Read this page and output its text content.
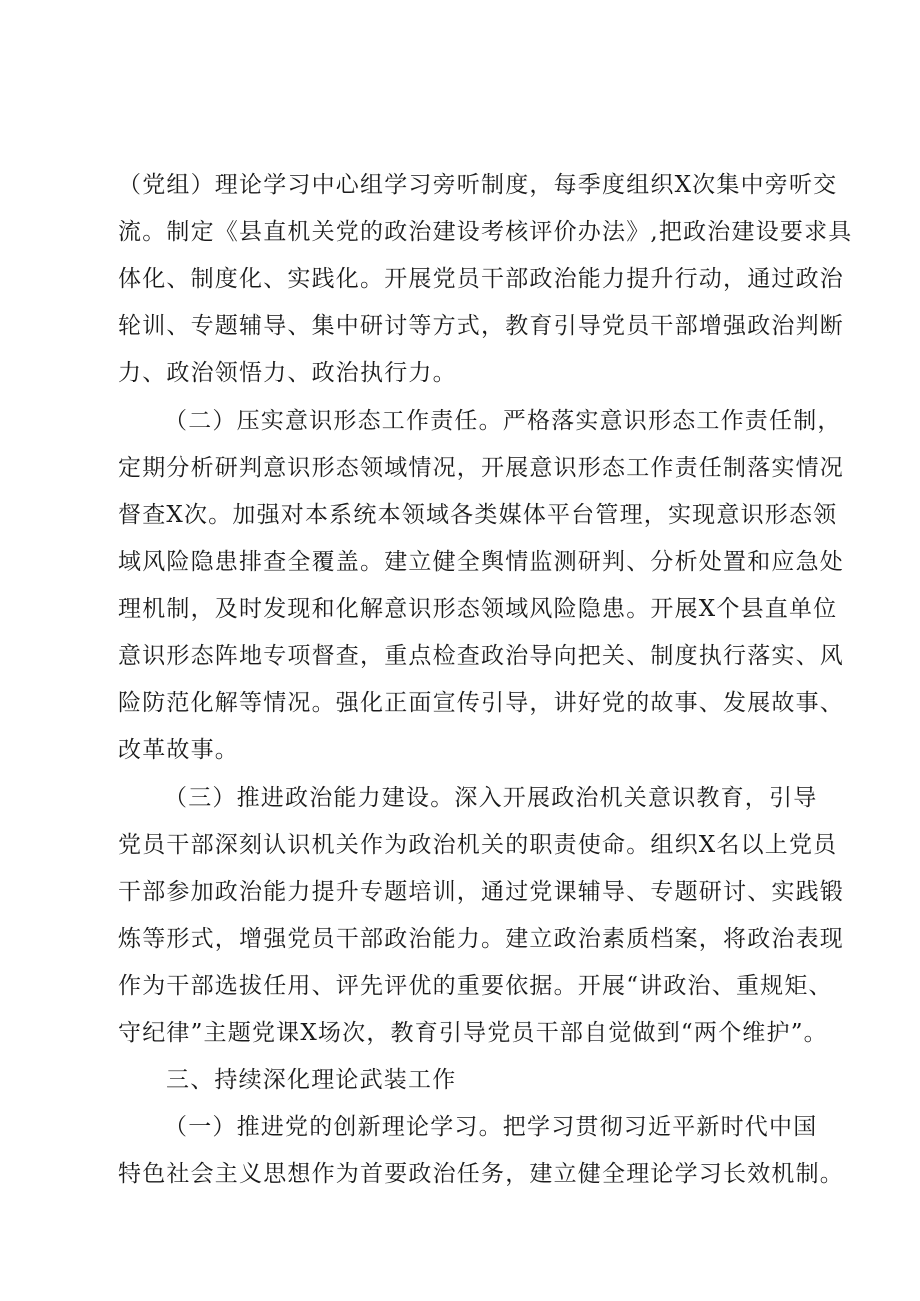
（党组）理论学习中心组学习旁听制度，每季度组织X次集中旁听交
流。制定《县直机关党的政治建设考核评价办法》,把政治建设要求具
体化、制度化、实践化。开展党员干部政治能力提升行动，通过政治
轮训、专题辅导、集中研讨等方式，教育引导党员干部增强政治判断
力、政治领悟力、政治执行力。
（二）压实意识形态工作责任。严格落实意识形态工作责任制，
定期分析研判意识形态领域情况，开展意识形态工作责任制落实情况
督查X次。加强对本系统本领域各类媒体平台管理，实现意识形态领
域风险隐患排查全覆盖。建立健全舆情监测研判、分析处置和应急处
理机制，及时发现和化解意识形态领域风险隐患。开展X个县直单位
意识形态阵地专项督查，重点检查政治导向把关、制度执行落实、风
险防范化解等情况。强化正面宣传引导，讲好党的故事、发展故事、
改革故事。
（三）推进政治能力建设。深入开展政治机关意识教育，引导
党员干部深刻认识机关作为政治机关的职责使命。组织X名以上党员
干部参加政治能力提升专题培训，通过党课辅导、专题研讨、实践锻
炼等形式，增强党员干部政治能力。建立政治素质档案，将政治表现
作为干部选拔任用、评先评优的重要依据。开展“讲政治、重规矩、
守纪律”主题党课X场次，教育引导党员干部自觉做到“两个维护”。
三、持续深化理论武装工作
（一）推进党的创新理论学习。把学习贯彻习近平新时代中国
特色社会主义思想作为首要政治任务，建立健全理论学习长效机制。
